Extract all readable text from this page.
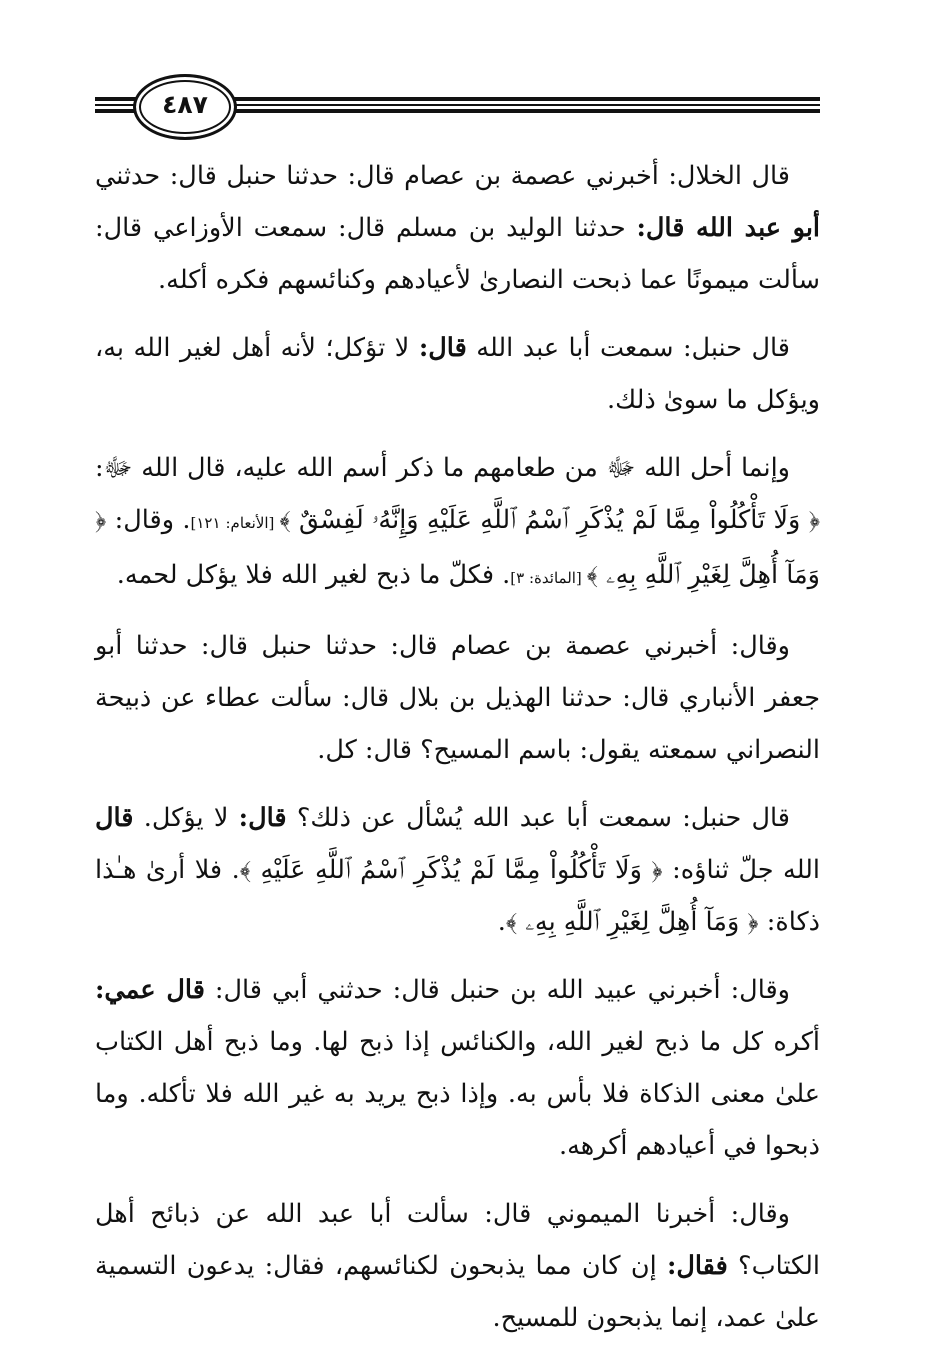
٤٨٧

قال الخلال: أخبرني عصمة بن عصام قال: حدثنا حنبل قال: حدثني أبو عبد الله قال: حدثنا الوليد بن مسلم قال: سمعت الأوزاعي قال: سألت ميمونًا عما ذبحت النصارىٰ لأعيادهم وكنائسهم فكره أكله.

قال حنبل: سمعت أبا عبد الله قال: لا تؤكل؛ لأنه أهل لغير الله به، ويؤكل ما سوىٰ ذلك.

وإنما أحل الله ﷻ من طعامهم ما ذكر أسم الله عليه، قال الله ﷻ: ﴿ وَلَا تَأْكُلُواْ مِمَّا لَمْ يُذْكَرِ ٱسْمُ ٱللَّهِ عَلَيْهِ وَإِنَّهُۥ لَفِسْقٌ ﴾ [الأنعام: ١٢١]. وقال: ﴿ وَمَآ أُهِلَّ لِغَيْرِ ٱللَّهِ بِهِۦ ﴾ [المائدة: ٣]. فكلّ ما ذبح لغير الله فلا يؤكل لحمه.

وقال: أخبرني عصمة بن عصام قال: حدثنا حنبل قال: حدثنا أبو جعفر الأنباري قال: حدثنا الهذيل بن بلال قال: سألت عطاء عن ذبيحة النصراني سمعته يقول: باسم المسيح؟ قال: كل.

قال حنبل: سمعت أبا عبد الله يُسْأل عن ذلك؟ قال: لا يؤكل. قال الله جلّ ثناؤه: ﴿ وَلَا تَأْكُلُواْ مِمَّا لَمْ يُذْكَرِ ٱسْمُ ٱللَّهِ عَلَيْهِ ﴾. فلا أرىٰ هـٰذا ذكاة: ﴿ وَمَآ أُهِلَّ لِغَيْرِ ٱللَّهِ بِهِۦ ﴾.

وقال: أخبرني عبيد الله بن حنبل قال: حدثني أبي قال: قال عمي: أكره كل ما ذبح لغير الله، والكنائس إذا ذبح لها. وما ذبح أهل الكتاب علىٰ معنى الذكاة فلا بأس به. وإذا ذبح يريد به غير الله فلا تأكله. وما ذبحوا في أعيادهم أكرهه.

وقال: أخبرنا الميموني قال: سألت أبا عبد الله عن ذبائح أهل الكتاب؟ فقال: إن كان مما يذبحون لكنائسهم، فقال: يدعون التسمية علىٰ عمد، إنما يذبحون للمسيح.
